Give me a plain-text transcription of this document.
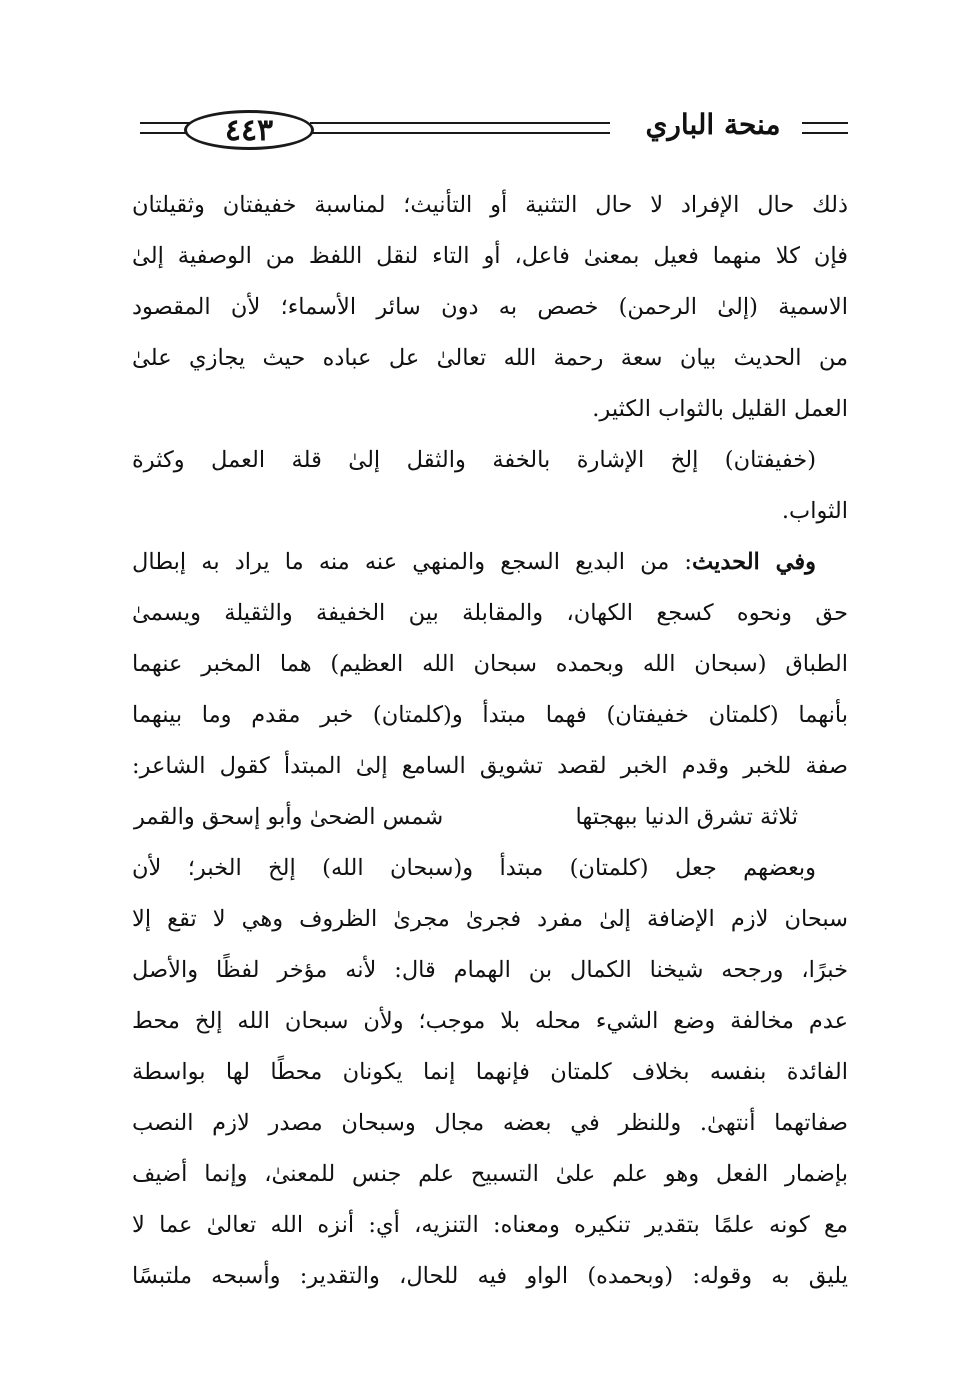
٤٤٣	منحة الباري
ذلك حال الإفراد لا حال التثنية أو التأنيث؛ لمناسبة خفيفتان وثقيلتان
فإن كلا منهما فعيل بمعنىٰ فاعل، أو التاء لنقل اللفظ من الوصفية إلىٰ
الاسمية (إلىٰ الرحمن) خصص به دون سائر الأسماء؛ لأن المقصود
من الحديث بيان سعة رحمة الله تعالىٰ عل عباده حيث يجازي علىٰ
العمل القليل بالثواب الكثير.
(خفيفتان) إلخ الإشارة بالخفة والثقل إلىٰ قلة العمل وكثرة
الثواب.
وفي الحديث: من البديع السجع والمنهي عنه منه ما يراد به إبطال
حق ونحوه كسجع الكهان، والمقابلة بين الخفيفة والثقيلة ويسمىٰ
الطباق (سبحان الله وبحمده سبحان الله العظيم) هما المخبر عنهما
بأنهما (كلمتان خفيفتان) فهما مبتدأ و(كلمتان) خبر مقدم وما بينهما
صفة للخبر وقدم الخبر لقصد تشويق السامع إلىٰ المبتدأ كقول الشاعر:
ثلاثة تشرق الدنيا ببهجتها
شمس الضحىٰ وأبو إسحق والقمر
وبعضهم جعل (كلمتان) مبتدأ و(سبحان الله) إلخ الخبر؛ لأن
سبحان لازم الإضافة إلىٰ مفرد فجرىٰ مجرىٰ الظروف وهي لا تقع إلا
خبرًا، ورجحه شيخنا الكمال بن الهمام قال: لأنه مؤخر لفظًا والأصل
عدم مخالفة وضع الشيء محله بلا موجب؛ ولأن سبحان الله إلخ محط
الفائدة بنفسه بخلاف كلمتان فإنهما إنما يكونان محطًا لها بواسطة
صفاتهما أنتهىٰ. وللنظر في بعضه مجال وسبحان مصدر لازم النصب
بإضمار الفعل وهو علم علىٰ التسبيح علم جنس للمعنىٰ، وإنما أضيف
مع كونه علمًا بتقدير تنكيره ومعناه: التنزيه، أي: أنزه الله تعالىٰ عما لا
يليق به وقوله: (وبحمده) الواو فيه للحال، والتقدير: وأسبحه ملتبسًا
